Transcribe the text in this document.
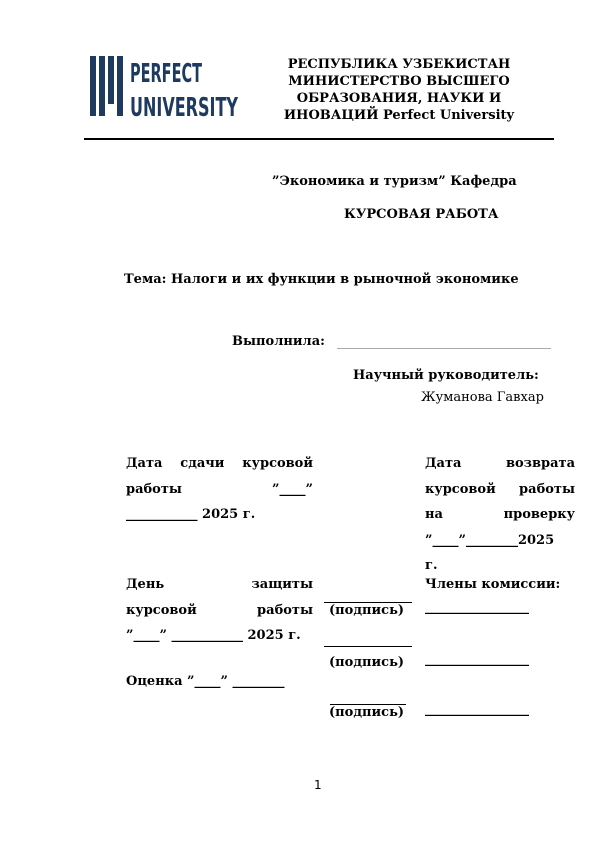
PERFECT
UNIVERSITY
РЕСПУБЛИКА УЗБЕКИСТАН
МИНИСТЕРСТВО ВЫСШЕГО
ОБРАЗОВАНИЯ, НАУКИ И
ИНОВАЦИЙ Perfect University
”Экономика и туризм” Кафедра
КУРСОВАЯ РАБОТА
Тема: Налоги и их функции в рыночной экономике
Выполнила:
Научный руководитель:
Жуманова Гавхар
Дата сдачи курсовой
работы ”____”
___________ 2025 г.
Дата возврата
курсовой работы
на проверку
”____”________2025
г.
День защиты
курсовой работы
”____” ___________ 2025 г.
Члены комиссии:
________________
________________
________________
(подпись)
(подпись)
(подпись)
Оценка ”____” ________
1
